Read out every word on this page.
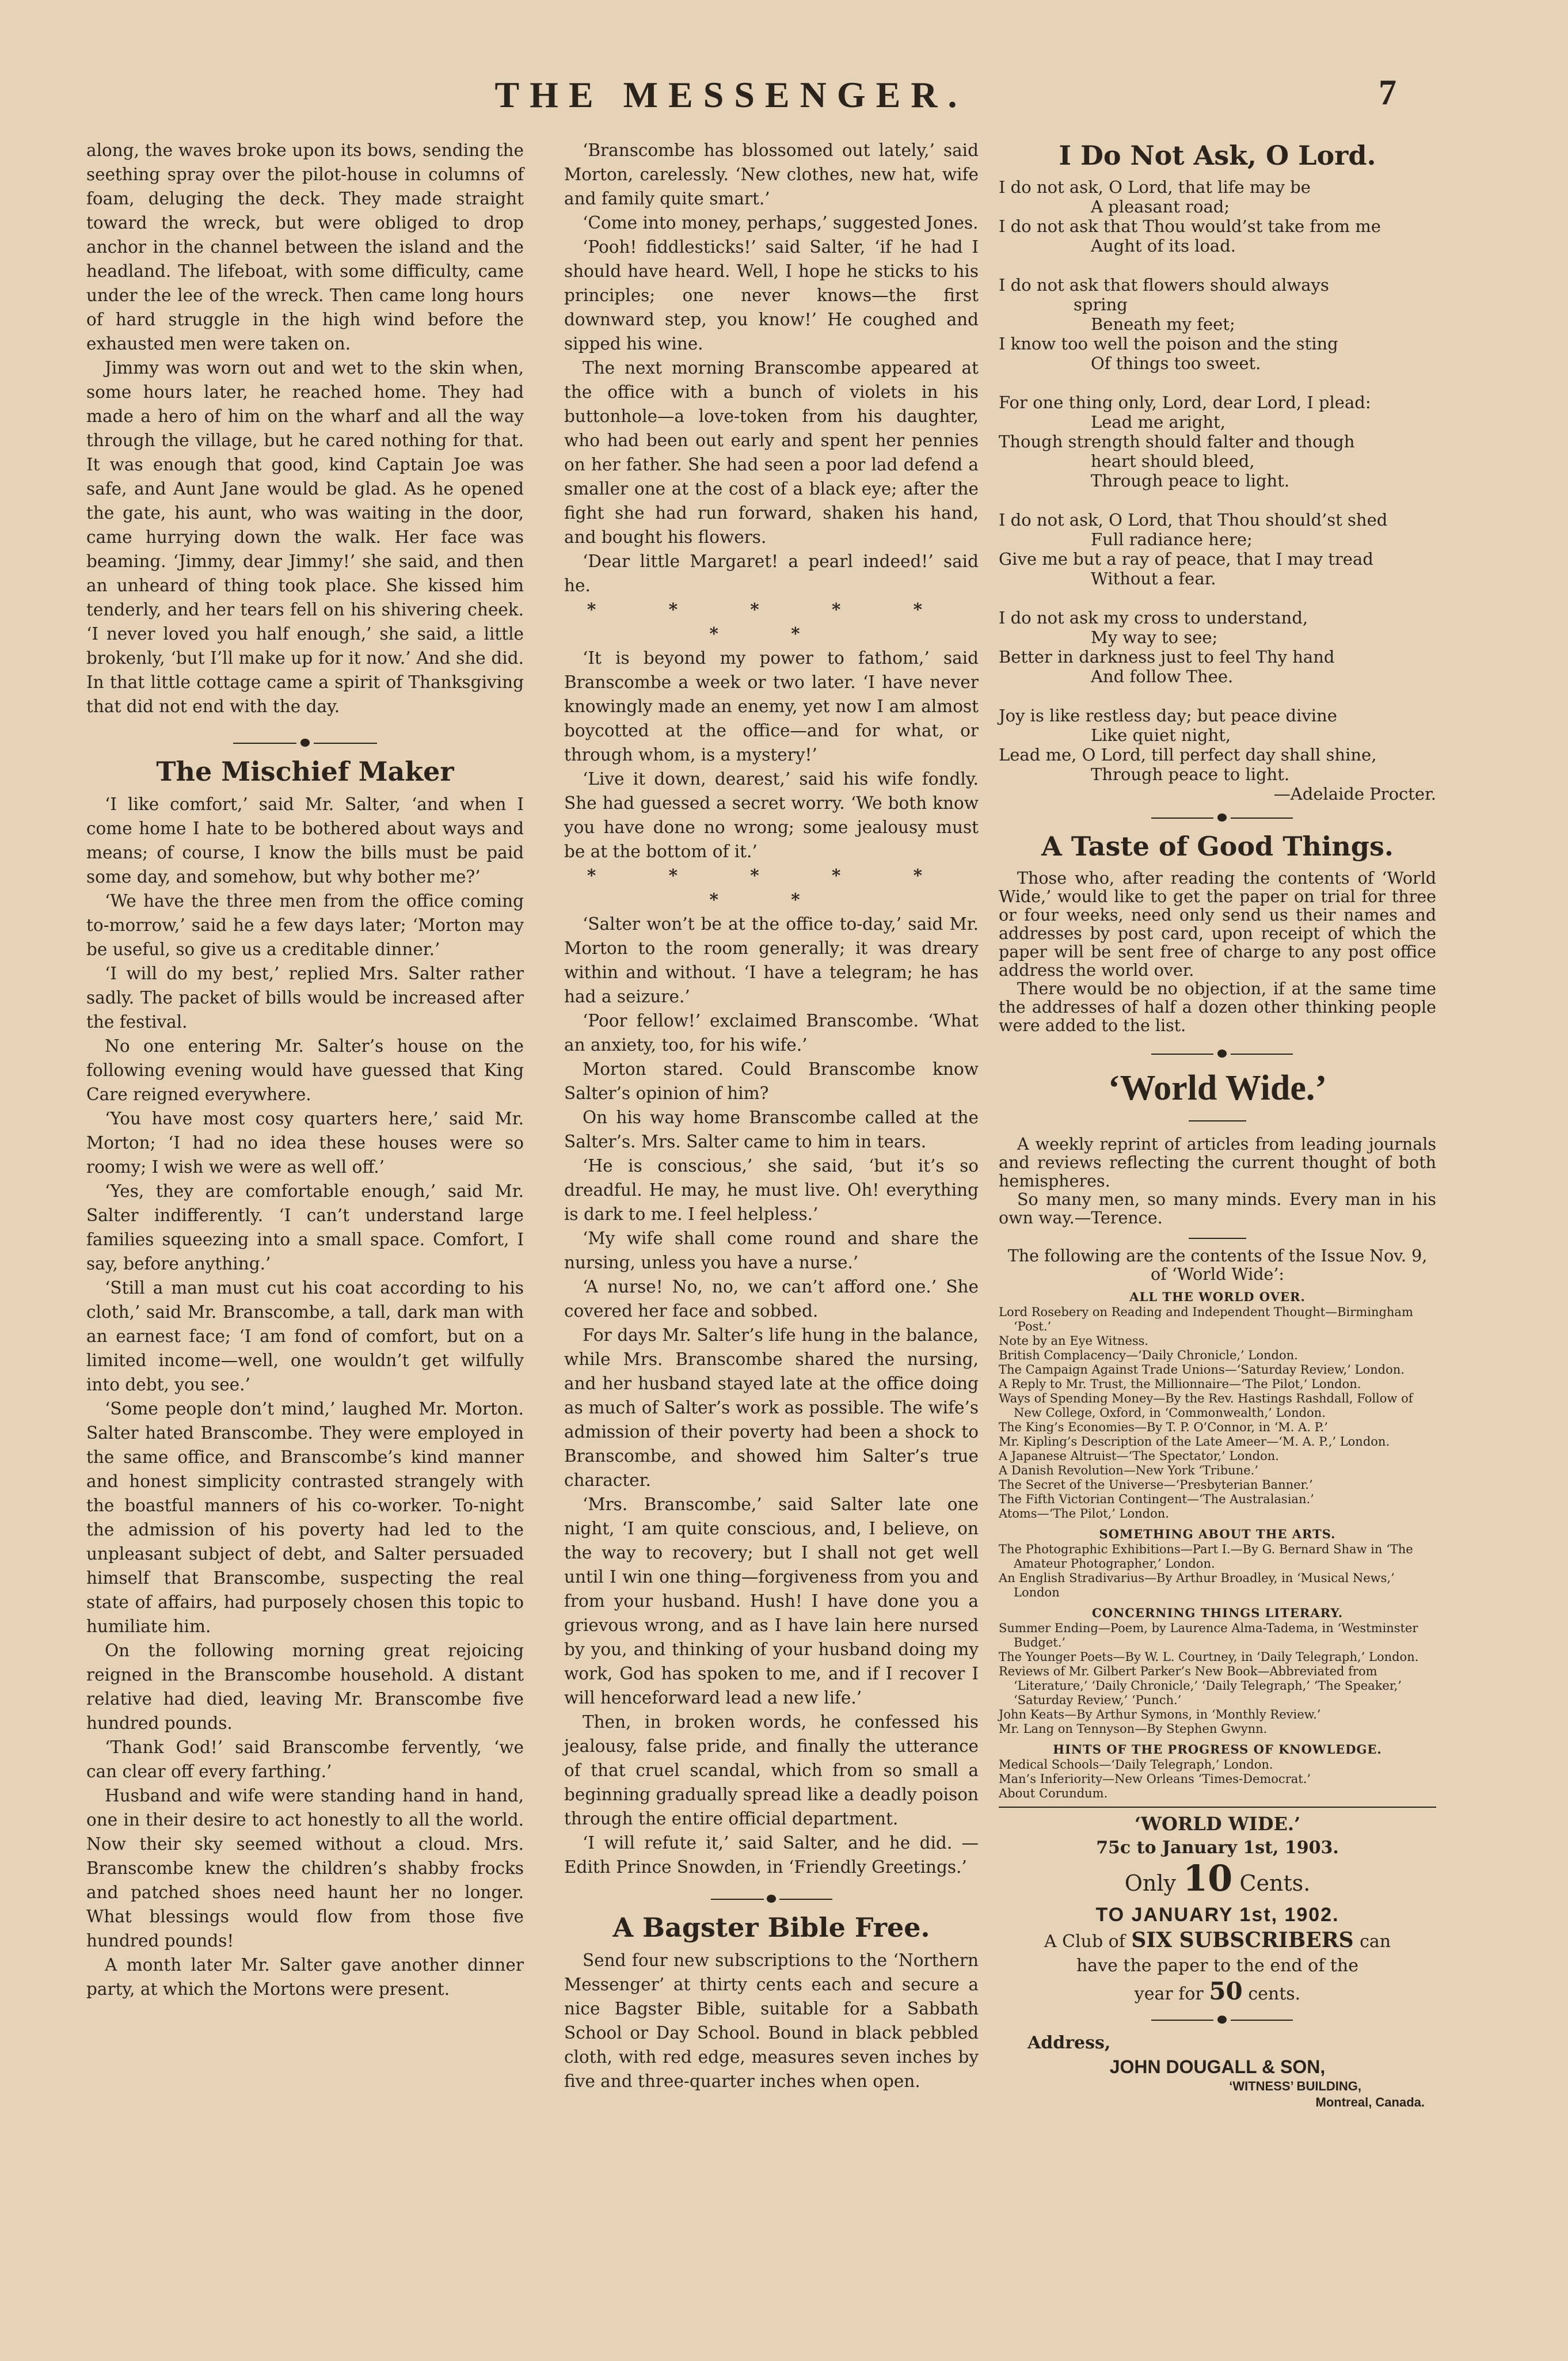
THE MESSENGER.	7

along, the waves broke upon its bows, sending the seething spray over the pilot-house in columns of foam, deluging the deck. They made straight toward the wreck, but were obliged to drop anchor in the channel between the island and the headland. The lifeboat, with some difficulty, came under the lee of the wreck. Then came long hours of hard struggle in the high wind before the exhausted men were taken on.

Jimmy was worn out and wet to the skin when, some hours later, he reached home. They had made a hero of him on the wharf and all the way through the village, but he cared nothing for that. It was enough that good, kind Captain Joe was safe, and Aunt Jane would be glad. As he opened the gate, his aunt, who was waiting in the door, came hurrying down the walk. Her face was beaming. ‘Jimmy, dear Jimmy!’ she said, and then an unheard of thing took place. She kissed him tenderly, and her tears fell on his shivering cheek. ‘I never loved you half enough,’ she said, a little brokenly, ‘but I’ll make up for it now.’ And she did. In that little cottage came a spirit of Thanksgiving that did not end with the day.

The Mischief Maker

‘I like comfort,’ said Mr. Salter, ‘and when I come home I hate to be bothered about ways and means; of course, I know the bills must be paid some day, and somehow, but why bother me?’

‘We have the three men from the office coming to-morrow,’ said he a few days later; ‘Morton may be useful, so give us a creditable dinner.’

‘I will do my best,’ replied Mrs. Salter rather sadly. The packet of bills would be increased after the festival.

No one entering Mr. Salter’s house on the following evening would have guessed that King Care reigned everywhere.

‘You have most cosy quarters here,’ said Mr. Morton; ‘I had no idea these houses were so roomy; I wish we were as well off.’

‘Yes, they are comfortable enough,’ said Mr. Salter indifferently. ‘I can’t understand large families squeezing into a small space. Comfort, I say, before anything.’

‘Still a man must cut his coat according to his cloth,’ said Mr. Branscombe, a tall, dark man with an earnest face; ‘I am fond of comfort, but on a limited income—well, one wouldn’t get wilfully into debt, you see.’

‘Some people don’t mind,’ laughed Mr. Morton. Salter hated Branscombe. They were employed in the same office, and Branscombe’s kind manner and honest simplicity contrasted strangely with the boastful manners of his co-worker. To-night the admission of his poverty had led to the unpleasant subject of debt, and Salter persuaded himself that Branscombe, suspecting the real state of affairs, had purposely chosen this topic to humiliate him.

On the following morning great rejoicing reigned in the Branscombe household. A distant relative had died, leaving Mr. Branscombe five hundred pounds.

‘Thank God!’ said Branscombe fervently, ‘we can clear off every farthing.’

Husband and wife were standing hand in hand, one in their desire to act honestly to all the world. Now their sky seemed without a cloud. Mrs. Branscombe knew the children’s shabby frocks and patched shoes need haunt her no longer. What blessings would flow from those five hundred pounds!

A month later Mr. Salter gave another dinner party, at which the Mortons were present.

‘Branscombe has blossomed out lately,’ said Morton, carelessly. ‘New clothes, new hat, wife and family quite smart.’

‘Come into money, perhaps,’ suggested Jones.

‘Pooh! fiddlesticks!’ said Salter, ‘if he had I should have heard. Well, I hope he sticks to his principles; one never knows—the first downward step, you know!’ He coughed and sipped his wine.

The next morning Branscombe appeared at the office with a bunch of violets in his buttonhole—a love-token from his daughter, who had been out early and spent her pennies on her father. She had seen a poor lad defend a smaller one at the cost of a black eye; after the fight she had run forward, shaken his hand, and bought his flowers.

‘Dear little Margaret! a pearl indeed!’ said he.

* * * * * * *

‘It is beyond my power to fathom,’ said Branscombe a week or two later. ‘I have never knowingly made an enemy, yet now I am almost boycotted at the office—and for what, or through whom, is a mystery!’

‘Live it down, dearest,’ said his wife fondly. She had guessed a secret worry. ‘We both know you have done no wrong; some jealousy must be at the bottom of it.’

* * * * * * *

‘Salter won’t be at the office to-day,’ said Mr. Morton to the room generally; it was dreary within and without. ‘I have a telegram; he has had a seizure.’

‘Poor fellow!’ exclaimed Branscombe. ‘What an anxiety, too, for his wife.’

Morton stared. Could Branscombe know Salter’s opinion of him?

On his way home Branscombe called at the Salter’s. Mrs. Salter came to him in tears.

‘He is conscious,’ she said, ‘but it’s so dreadful. He may, he must live. Oh! everything is dark to me. I feel helpless.’

‘My wife shall come round and share the nursing, unless you have a nurse.’

‘A nurse! No, no, we can’t afford one.’ She covered her face and sobbed.

For days Mr. Salter’s life hung in the balance, while Mrs. Branscombe shared the nursing, and her husband stayed late at the office doing as much of Salter’s work as possible. The wife’s admission of their poverty had been a shock to Branscombe, and showed him Salter’s true character.

‘Mrs. Branscombe,’ said Salter late one night, ‘I am quite conscious, and, I believe, on the way to recovery; but I shall not get well until I win one thing—forgiveness from you and from your husband. Hush! I have done you a grievous wrong, and as I have lain here nursed by you, and thinking of your husband doing my work, God has spoken to me, and if I recover I will henceforward lead a new life.’

Then, in broken words, he confessed his jealousy, false pride, and finally the utterance of that cruel scandal, which from so small a beginning gradually spread like a deadly poison through the entire official department.

‘I will refute it,’ said Salter, and he did. —Edith Prince Snowden, in ‘Friendly Greetings.’

A Bagster Bible Free.

Send four new subscriptions to the ‘Northern Messenger’ at thirty cents each and secure a nice Bagster Bible, suitable for a Sabbath School or Day School. Bound in black pebbled cloth, with red edge, measures seven inches by five and three-quarter inches when open.

I Do Not Ask, O Lord.

I do not ask, O Lord, that life may be

A pleasant road;

I do not ask that Thou would’st take from me

Aught of its load.

I do not ask that flowers should always

spring

Beneath my feet;

I know too well the poison and the sting

Of things too sweet.

For one thing only, Lord, dear Lord, I plead:

Lead me aright,

Though strength should falter and though

heart should bleed,

Through peace to light.

I do not ask, O Lord, that Thou should’st shed

Full radiance here;

Give me but a ray of peace, that I may tread

Without a fear.

I do not ask my cross to understand,

My way to see;

Better in darkness just to feel Thy hand

And follow Thee.

Joy is like restless day; but peace divine

Like quiet night,

Lead me, O Lord, till perfect day shall shine,

Through peace to light.

—Adelaide Procter.

A Taste of Good Things.

Those who, after reading the contents of ‘World Wide,’ would like to get the paper on trial for three or four weeks, need only send us their names and addresses by post card, upon receipt of which the paper will be sent free of charge to any post office address the world over.

There would be no objection, if at the same time the addresses of half a dozen other thinking people were added to the list.

‘World Wide.’

A weekly reprint of articles from leading journals and reviews reflecting the current thought of both hemispheres.

So many men, so many minds. Every man in his own way.—Terence.

The following are the contents of the Issue Nov. 9, of ‘World Wide’:

ALL THE WORLD OVER.
Lord Rosebery on Reading and Independent Thought—Birmingham ‘Post.’
Note by an Eye Witness.
British Complacency—‘Daily Chronicle,’ London.
The Campaign Against Trade Unions—‘Saturday Review,’ London.
A Reply to Mr. Trust, the Millionnaire—‘The Pilot,’ London.
Ways of Spending Money—By the Rev. Hastings Rashdall, Follow of New College, Oxford, in ‘Commonwealth,’ London.
The King’s Economies—By T. P. O’Connor, in ‘M. A. P.’
Mr. Kipling’s Description of the Late Ameer—‘M. A. P.,’ London.
A Japanese Altruist—‘The Spectator,’ London.
A Danish Revolution—New York ‘Tribune.’
The Secret of the Universe—‘Presbyterian Banner.’
The Fifth Victorian Contingent—‘The Australasian.’
Atoms—‘The Pilot,’ London.
SOMETHING ABOUT THE ARTS.
The Photographic Exhibitions—Part I.—By G. Bernard Shaw in ‘The Amateur Photographer,’ London.
An English Stradivarius—By Arthur Broadley, in ‘Musical News,’ London
CONCERNING THINGS LITERARY.
Summer Ending—Poem, by Laurence Alma-Tadema, in ‘Westminster Budget.’
The Younger Poets—By W. L. Courtney, in ‘Daily Telegraph,’ London.
Reviews of Mr. Gilbert Parker’s New Book—Abbreviated from ‘Literature,’ ‘Daily Chronicle,’ ‘Daily Telegraph,’ ‘The Speaker,’ ‘Saturday Review,’ ‘Punch.’
John Keats—By Arthur Symons, in ‘Monthly Review.’
Mr. Lang on Tennyson—By Stephen Gwynn.
HINTS OF THE PROGRESS OF KNOWLEDGE.
Medical Schools—‘Daily Telegraph,’ London.
Man’s Inferiority—New Orleans ‘Times-Democrat.’
About Corundum.
‘WORLD WIDE.’
75c to January 1st, 1903.
Only 10 Cents.
TO JANUARY 1st, 1902.
A Club of SIX SUBSCRIBERS can
have the paper to the end of the
year for 50 cents.
Address,
JOHN DOUGALL & SON,
‘WITNESS’ BUILDING,
Montreal, Canada.
